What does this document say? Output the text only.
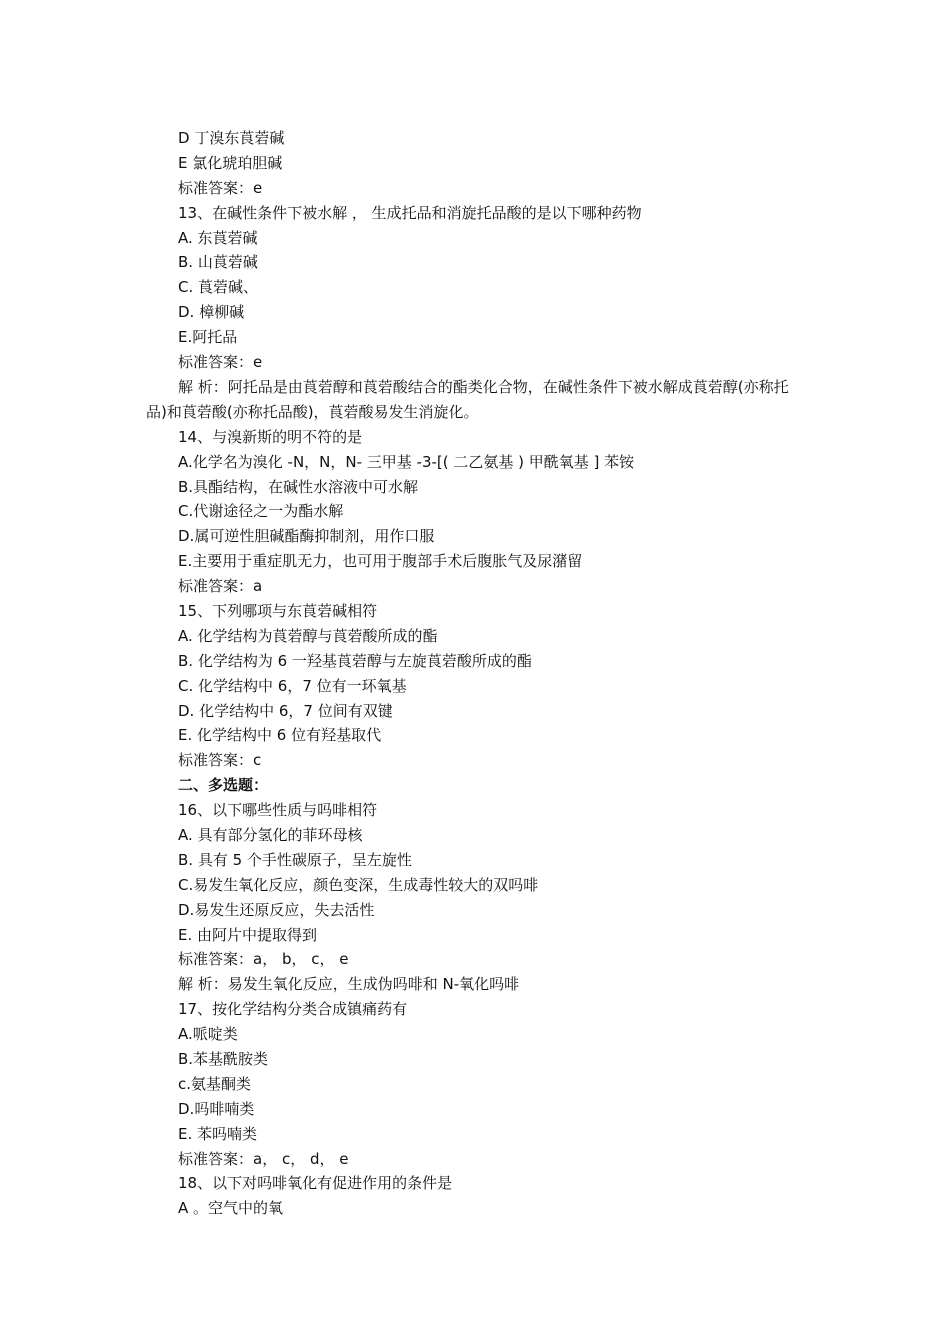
D 丁溴东莨菪碱
E 氯化琥珀胆碱
标准答案：e
13、在碱性条件下被水解 ， 生成托品和消旋托品酸的是以下哪种药物
A. 东莨菪碱
B. 山莨菪碱
C. 莨菪碱、
D. 樟柳碱
E.阿托品
标准答案：e
解 析：阿托品是由莨菪醇和莨菪酸结合的酯类化合物，在碱性条件下被水解成莨菪醇(亦称托品)和莨菪酸(亦称托品酸)，莨菪酸易发生消旋化。
14、与溴新斯的明不符的是
A.化学名为溴化 -N，N，N- 三甲基 -3-[( 二乙氨基 ) 甲酰氧基 ] 苯铵
B.具酯结构，在碱性水溶液中可水解
C.代谢途径之一为酯水解
D.属可逆性胆碱酯酶抑制剂，用作口服
E.主要用于重症肌无力，也可用于腹部手术后腹胀气及尿潴留
标准答案：a
15、下列哪项与东莨菪碱相符
A. 化学结构为莨菪醇与莨菪酸所成的酯
B. 化学结构为 6 一羟基莨菪醇与左旋莨菪酸所成的酯
C. 化学结构中 6，7 位有一环氧基
D. 化学结构中 6，7 位间有双键
E. 化学结构中 6 位有羟基取代
标准答案：c
二、多选题：
16、以下哪些性质与吗啡相符
A. 具有部分氢化的菲环母核
B. 具有 5 个手性碳原子，呈左旋性
C.易发生氧化反应，颜色变深，生成毒性较大的双吗啡
D.易发生还原反应，失去活性
E. 由阿片中提取得到
标准答案：a， b， c， e
解 析：易发生氧化反应，生成伪吗啡和 N-氧化吗啡
17、按化学结构分类合成镇痛药有
A.哌啶类
B.苯基酰胺类
c.氨基酮类
D.吗啡喃类
E. 苯吗喃类
标准答案：a， c， d， e
18、以下对吗啡氧化有促进作用的条件是
A 。空气中的氧
